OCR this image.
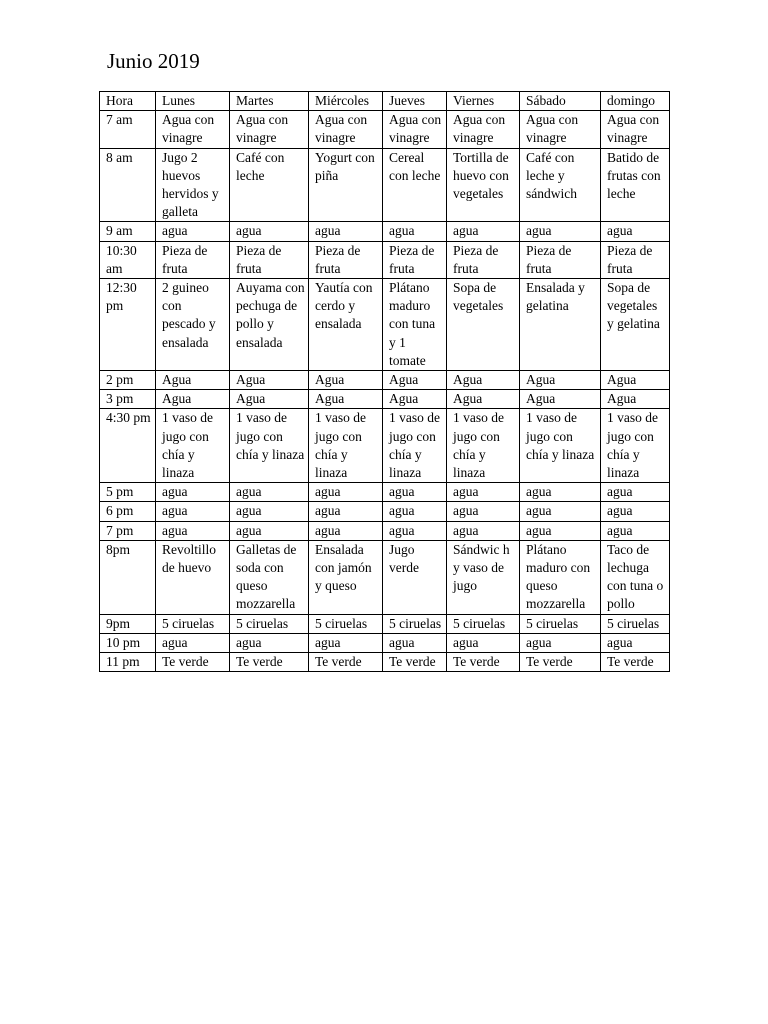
Junio 2019
Hora	Lunes	Martes	Miércoles	Jueves	Viernes	Sábado	domingo
7 am	Agua con vinagre	Agua con vinagre	Agua con vinagre	Agua con vinagre	Agua con vinagre	Agua con vinagre	Agua con vinagre
8 am	Jugo 2 huevos hervidos y galleta	Café con leche	Yogurt con piña	Cereal con leche	Tortilla de huevo con vegetales	Café con leche y sándwich	Batido de frutas con leche
9 am	agua	agua	agua	agua	agua	agua	agua
10:30 am	Pieza de fruta	Pieza de fruta	Pieza de fruta	Pieza de fruta	Pieza de fruta	Pieza de fruta	Pieza de fruta
12:30 pm	2 guineo con pescado y ensalada	Auyama con pechuga de pollo y ensalada	Yautía con cerdo y ensalada	Plátano maduro con tuna y 1 tomate	Sopa de vegetales	Ensalada y gelatina	Sopa de vegetales y gelatina
2 pm	Agua	Agua	Agua	Agua	Agua	Agua	Agua
3 pm	Agua	Agua	Agua	Agua	Agua	Agua	Agua
4:30 pm	1 vaso de jugo con chía y linaza	1 vaso de jugo con chía y linaza	1 vaso de jugo con chía y linaza	1 vaso de jugo con chía y linaza	1 vaso de jugo con chía y linaza	1 vaso de jugo con chía y linaza	1 vaso de jugo con chía y linaza
5 pm	agua	agua	agua	agua	agua	agua	agua
6 pm	agua	agua	agua	agua	agua	agua	agua
7 pm	agua	agua	agua	agua	agua	agua	agua
8pm	Revoltillo de huevo	Galletas de soda con queso mozzarella	Ensalada con jamón y queso	Jugo verde	Sándwic h y vaso de jugo	Plátano maduro con queso mozzarella	Taco de lechuga con tuna o pollo
9pm	5 ciruelas	5 ciruelas	5 ciruelas	5 ciruelas	5 ciruelas	5 ciruelas	5 ciruelas
10 pm	agua	agua	agua	agua	agua	agua	agua
11 pm	Te verde	Te verde	Te verde	Te verde	Te verde	Te verde	Te verde
